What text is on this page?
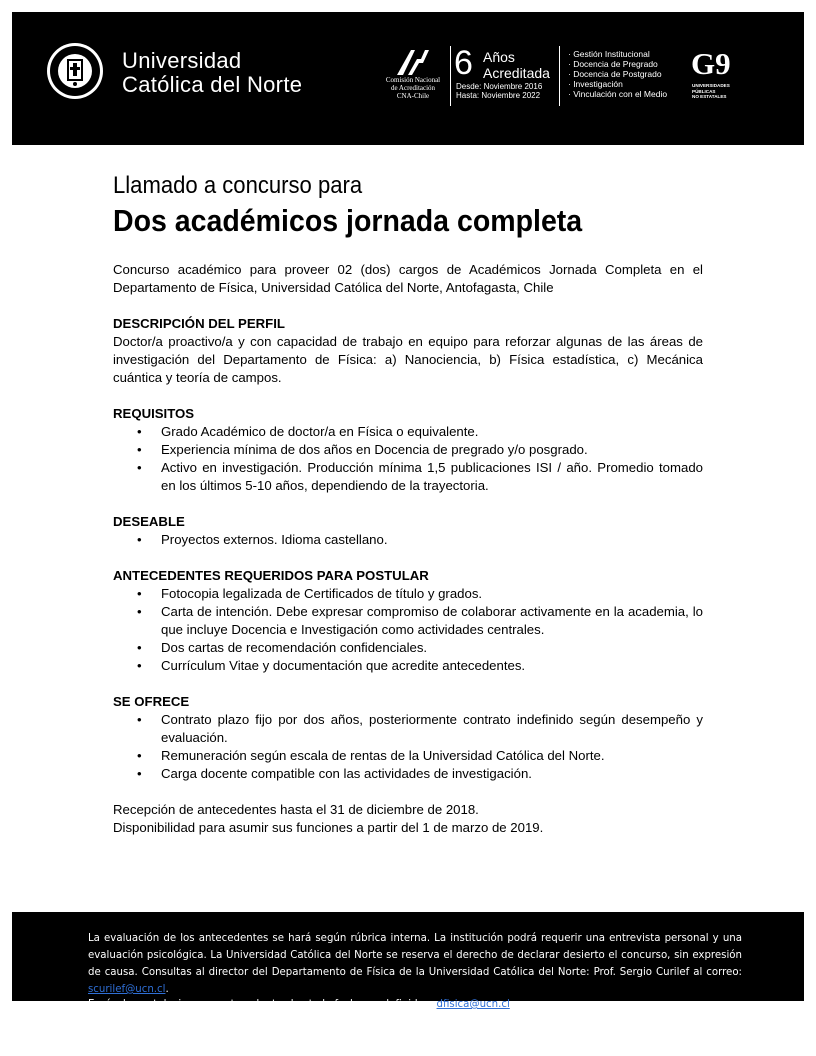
Universidad
Católica del Norte	Comisión Nacional
de Acreditación
CNA-Chile
6 Años
Acreditada
Desde: Noviembre 2016
Hasta: Noviembre 2022
· Gestión Institucional
· Docencia de Pregrado
· Docencia de Postgrado
· Investigación
· Vinculación con el Medio
G9
UNIVERSIDADES
PÚBLICAS
NO ESTATALES
Llamado a concurso para
Dos académicos jornada completa

Concurso académico para proveer 02 (dos) cargos de Académicos Jornada Completa en el Departamento de Física, Universidad Católica del Norte, Antofagasta, Chile

DESCRIPCIÓN DEL PERFIL

Doctor/a proactivo/a y con capacidad de trabajo en equipo para reforzar algunas de las áreas de investigación del Departamento de Física: a) Nanociencia, b) Física estadística, c) Mecánica cuántica y teoría de campos.

REQUISITOS

• Grado Académico de doctor/a en Física o equivalente.
• Experiencia mínima de dos años en Docencia de pregrado y/o posgrado.
• Activo en investigación. Producción mínima 1,5 publicaciones ISI / año. Promedio tomado en los últimos 5-10 años, dependiendo de la trayectoria.

DESEABLE

• Proyectos externos. Idioma castellano.

ANTECEDENTES REQUERIDOS PARA POSTULAR

• Fotocopia legalizada de Certificados de título y grados.
• Carta de intención. Debe expresar compromiso de colaborar activamente en la academia, lo que incluye Docencia e Investigación como actividades centrales.
• Dos cartas de recomendación confidenciales.
• Currículum Vitae y documentación que acredite antecedentes.

SE OFRECE

• Contrato plazo fijo por dos años, posteriormente contrato indefinido según desempeño y evaluación.
• Remuneración según escala de rentas de la Universidad Católica del Norte.
• Carga docente compatible con las actividades de investigación.

Recepción de antecedentes hasta el 31 de diciembre de 2018.

Disponibilidad para asumir sus funciones a partir del 1 de marzo de 2019.

La evaluación de los antecedentes se hará según rúbrica interna. La institución podrá requerir una entrevista personal y una evaluación psicológica. La Universidad Católica del Norte se reserva el derecho de declarar desierto el concurso, sin expresión de causa. Consultas al director del Departamento de Física de la Universidad Católica del Norte: Prof. Sergio Curilef al correo: scurilef@ucn.cl.

Envío de postulaciones y antecedentes hasta la fecha predefinida a dfisica@ucn.cl
